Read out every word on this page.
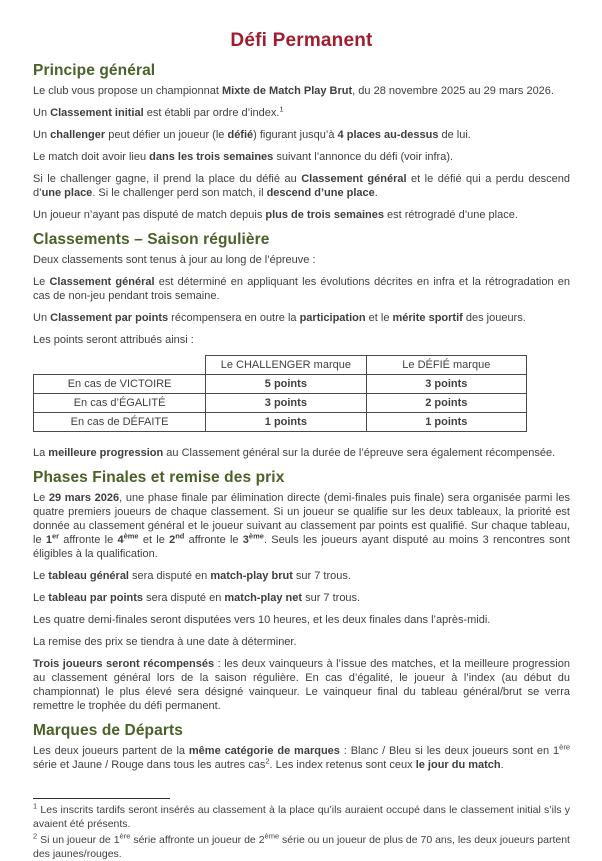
Défi Permanent
Principe général

Le club vous propose un championnat Mixte de Match Play Brut, du 28 novembre 2025 au 29 mars 2026.

Un Classement initial est établi par ordre d’index.$^1$

Un challenger peut défier un joueur (le défié) figurant jusqu’à 4 places au-dessus de lui.

Le match doit avoir lieu dans les trois semaines suivant l’annonce du défi (voir infra).

Si le challenger gagne, il prend la place du défié au Classement général et le défié qui a perdu descend d’une place. Si le challenger perd son match, il descend d’une place.

Un joueur n’ayant pas disputé de match depuis plus de trois semaines est rétrogradé d’une place.

Classements – Saison régulière

Deux classements sont tenus à jour au long de l’épreuve :

Le Classement général est déterminé en appliquant les évolutions décrites en infra et la rétrogradation en cas de non-jeu pendant trois semaine.

Un Classement par points récompensera en outre la participation et le mérite sportif des joueurs.

Les points seront attribués ainsi :

	Le CHALLENGER marque	Le DÉFIÉ marque
En cas de VICTOIRE	5 points	3 points
En cas d’ÉGALITÉ	3 points	2 points
En cas de DÉFAITE	1 points	1 points

La meilleure progression au Classement général sur la durée de l’épreuve sera également récompensée.

Phases Finales et remise des prix

Le 29 mars 2026, une phase finale par élimination directe (demi-finales puis finale) sera organisée parmi les quatre premiers joueurs de chaque classement. Si un joueur se qualifie sur les deux tableaux, la priorité est donnée au classement général et le joueur suivant au classement par points est qualifié. Sur chaque tableau, le 1er affronte le 4ème et le 2nd affronte le 3ème. Seuls les joueurs ayant disputé au moins 3 rencontres sont éligibles à la qualification.

Le tableau général sera disputé en match-play brut sur 7 trous.

Le tableau par points sera disputé en match-play net sur 7 trous.

Les quatre demi-finales seront disputées vers 10 heures, et les deux finales dans l’après-midi.

La remise des prix se tiendra à une date à déterminer.

Trois joueurs seront récompensés : les deux vainqueurs à l’issue des matches, et la meilleure progression au classement général lors de la saison régulière. En cas d’égalité, le joueur à l’index (au début du championnat) le plus élevé sera désigné vainqueur. Le vainqueur final du tableau général/brut se verra remettre le trophée du défi permanent.

Marques de Départs

Les deux joueurs partent de la même catégorie de marques : Blanc / Bleu si les deux joueurs sont en 1ère série et Jaune / Rouge dans tous les autres cas$^2$. Les index retenus sont ceux le jour du match.

$^1$ Les inscrits tardifs seront insérés au classement à la place qu’ils auraient occupé dans le classement initial s’ils y avaient été présents.

$^2$ Si un joueur de 1ère série affronte un joueur de 2ème série ou un joueur de plus de 70 ans, les deux joueurs partent des jaunes/rouges.
